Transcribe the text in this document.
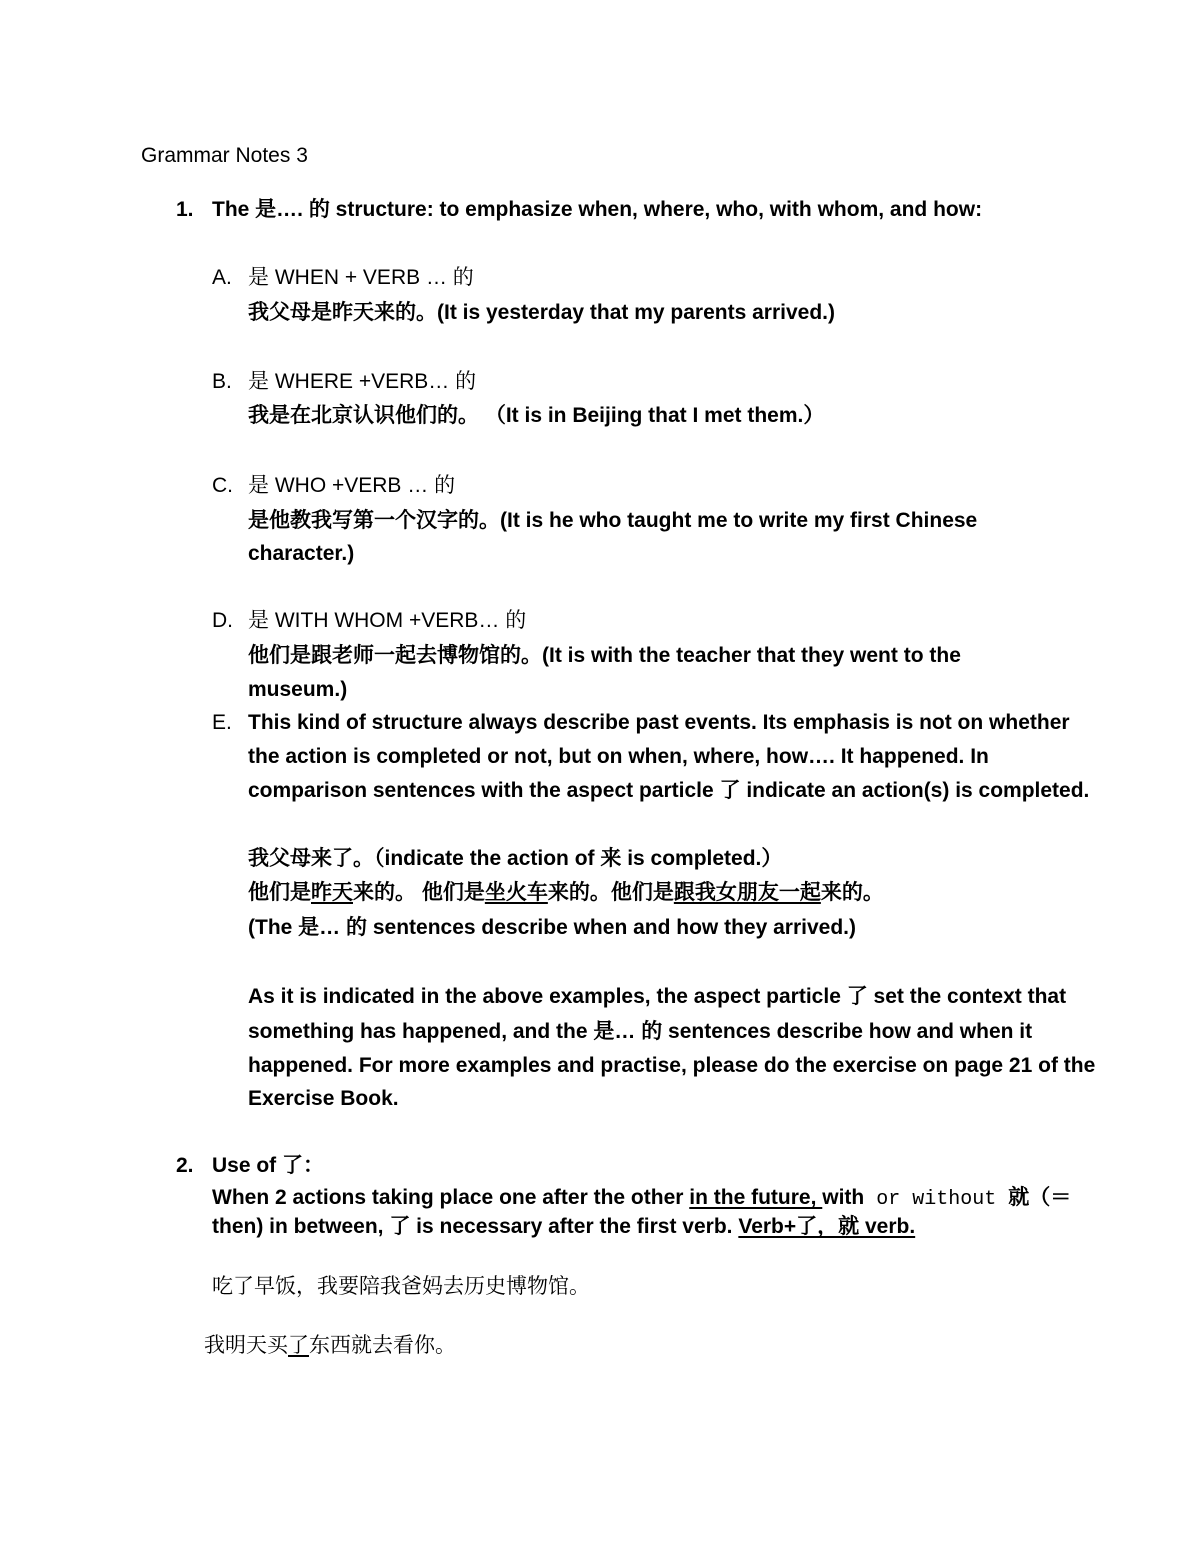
Grammar Notes 3
1. The 是…. 的 structure: to emphasize when, where, who, with whom, and how:
A. 是 WHEN + VERB … 的
我父母是昨天来的。(It is yesterday that my parents arrived.)
B. 是 WHERE +VERB… 的
我是在北京认识他们的。 （It is in Beijing that I met them.）
C. 是 WHO +VERB … 的
是他教我写第一个汉字的。(It is he who taught me to write my first Chinese
character.)
D. 是 WITH WHOM +VERB… 的
他们是跟老师一起去博物馆的。(It is with the teacher that they went to the
museum.)
E. This kind of structure always describe past events. Its emphasis is not on whether
the action is completed or not, but on when, where, how…. It happened. In
comparison sentences with the aspect particle 了 indicate an action(s) is completed.
我父母来了。（indicate the action of 来 is completed.）
他们是昨天来的。 他们是坐火车来的。他们是跟我女朋友一起来的。
(The 是… 的 sentences describe when and how they arrived.)
As it is indicated in the above examples, the aspect particle 了 set the context that
something has happened, and the 是… 的 sentences describe how and when it
happened. For more examples and practise, please do the exercise on page 21 of the
Exercise Book.
2. Use of 了：
When 2 actions taking place one after the other in the future, with or without 就（＝
then) in between, 了 is necessary after the first verb. Verb+了，就 verb.
吃了早饭，我要陪我爸妈去历史博物馆。
我明天买了东西就去看你。
